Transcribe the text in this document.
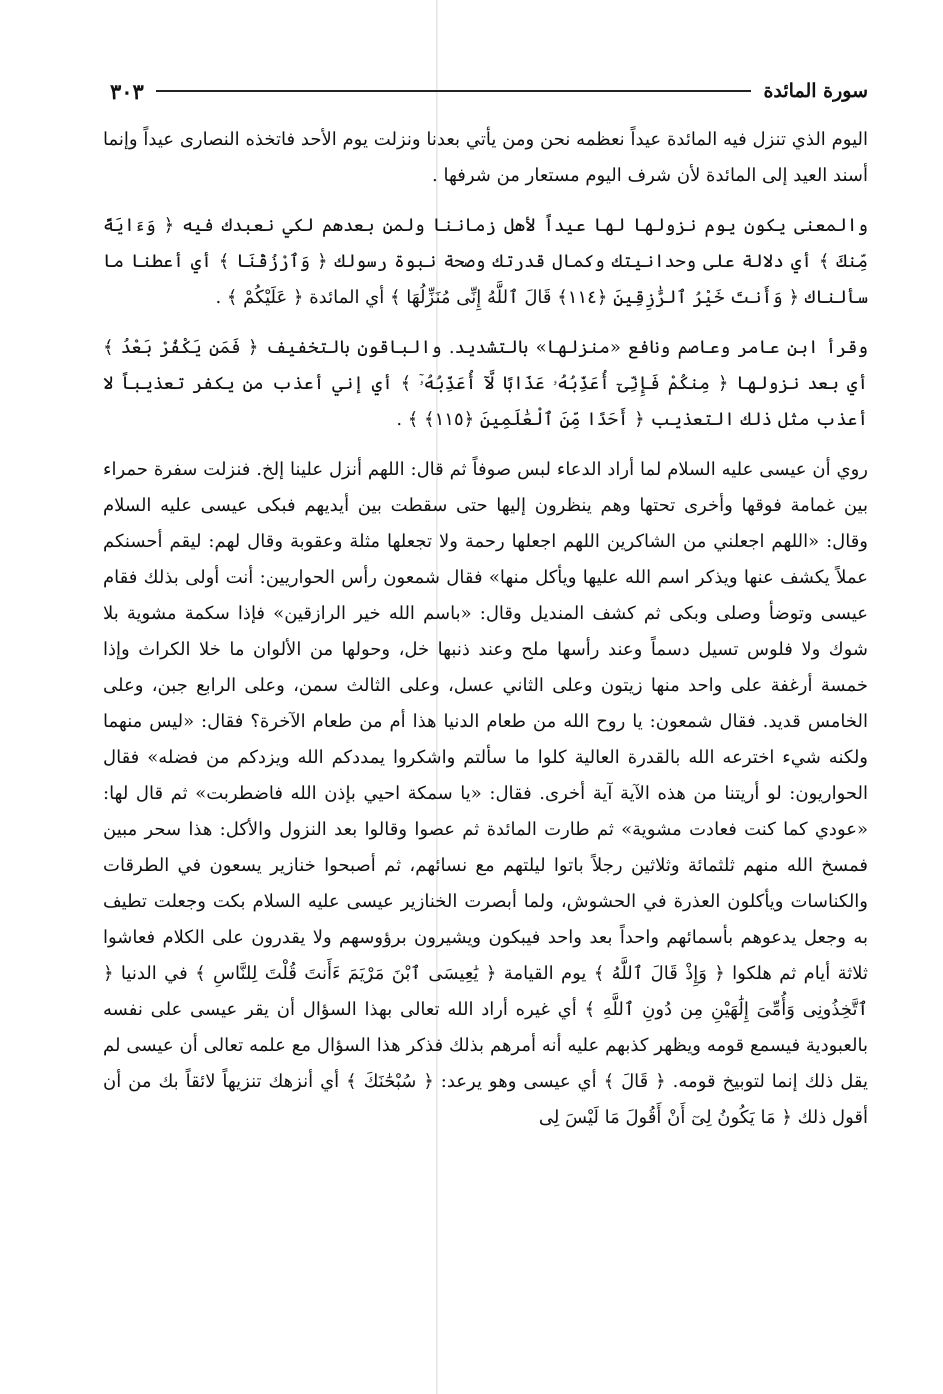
سورة المائدة
٣٠٣

اليوم الذي تنزل فيه المائدة عيداً نعظمه نحن ومن يأتي بعدنا ونزلت يوم الأحد فاتخذه النصارى عيداً وإنما أسند العيد إلى المائدة لأن شرف اليوم مستعار من شرفها .

والمعنى يكون يوم نزولها لها عيداً لأهل زماننا ولمن بعدهم لكي نعبدك فيه ﴿ وَءَايَةً مِّنكَ ﴾ أي دلالة على وحدانيتك وكمال قدرتك وصحة نبوة رسولك ﴿ وَٱرْزُقْنَا ﴾ أي أعطنا ما سألناك ﴿ وَأَنتَ خَيْرُ ٱلرَّٰزِقِينَ ﴿١١٤﴾ قَالَ ٱللَّهُ إِنِّى مُنَزِّلُهَا ﴾ أي المائدة ﴿ عَلَيْكُمْ ﴾ .

وقرأ ابن عامر وعاصم ونافع «منزلها» بالتشديد. والباقون بالتخفيف ﴿ فَمَن يَكْفُرْ بَعْدُ ﴾ أي بعد نزولها ﴿ مِنكُمْ فَإِنِّىٓ أُعَذِّبُهُۥ عَذَابًا لَّآ أُعَذِّبُهُۥٓ ﴾ أي إني أعذب من يكفر تعذيباً لا أعذب مثل ذلك التعذيب ﴿ أَحَدًا مِّنَ ٱلْعَٰلَمِينَ ﴿١١٥﴾ ﴾ .

روي أن عيسى عليه السلام لما أراد الدعاء لبس صوفاً ثم قال: اللهم أنزل علينا إلخ. فنزلت سفرة حمراء بين غمامة فوقها وأخرى تحتها وهم ينظرون إليها حتى سقطت بين أيديهم فبكى عيسى عليه السلام وقال: «اللهم اجعلني من الشاكرين اللهم اجعلها رحمة ولا تجعلها مثلة وعقوبة وقال لهم: ليقم أحسنكم عملاً يكشف عنها ويذكر اسم الله عليها ويأكل منها» فقال شمعون رأس الحواريين: أنت أولى بذلك فقام عيسى وتوضأ وصلى وبكى ثم كشف المنديل وقال: «باسم الله خير الرازقين» فإذا سكمة مشوية بلا شوك ولا فلوس تسيل دسماً وعند رأسها ملح وعند ذنبها خل، وحولها من الألوان ما خلا الكراث وإذا خمسة أرغفة على واحد منها زيتون وعلى الثاني عسل، وعلى الثالث سمن، وعلى الرابع جبن، وعلى الخامس قديد. فقال شمعون: يا روح الله من طعام الدنيا هذا أم من طعام الآخرة؟ فقال: «ليس منهما ولكنه شيء اخترعه الله بالقدرة العالية كلوا ما سألتم واشكروا يمددكم الله ويزدكم من فضله» فقال الحواريون: لو أريتنا من هذه الآية آية أخرى. فقال: «يا سمكة احيي بإذن الله فاضطربت» ثم قال لها: «عودي كما كنت فعادت مشوية» ثم طارت المائدة ثم عصوا وقالوا بعد النزول والأكل: هذا سحر مبين فمسخ الله منهم ثلثمائة وثلاثين رجلاً باتوا ليلتهم مع نسائهم، ثم أصبحوا خنازير يسعون في الطرقات والكناسات ويأكلون العذرة في الحشوش، ولما أبصرت الخنازير عيسى عليه السلام بكت وجعلت تطيف به وجعل يدعوهم بأسمائهم واحداً بعد واحد فيبكون ويشيرون برؤوسهم ولا يقدرون على الكلام فعاشوا ثلاثة أيام ثم هلكوا ﴿ وَإِذْ قَالَ ٱللَّهُ ﴾ يوم القيامة ﴿ يَٰعِيسَى ٱبْنَ مَرْيَمَ ءَأَنتَ قُلْتَ لِلنَّاسِ ﴾ في الدنيا ﴿ ٱتَّخِذُونِى وَأُمِّىَ إِلَٰهَيْنِ مِن دُونِ ٱللَّهِ ﴾ أي غيره أراد الله تعالى بهذا السؤال أن يقر عيسى على نفسه بالعبودية فيسمع قومه ويظهر كذبهم عليه أنه أمرهم بذلك فذكر هذا السؤال مع علمه تعالى أن عيسى لم يقل ذلك إنما لتوبيخ قومه. ﴿ قَالَ ﴾ أي عيسى وهو يرعد: ﴿ سُبْحَٰنَكَ ﴾ أي أنزهك تنزيهاً لائقاً بك من أن أقول ذلك ﴿ مَا يَكُونُ لِىٓ أَنْ أَقُولَ مَا لَيْسَ لِى
